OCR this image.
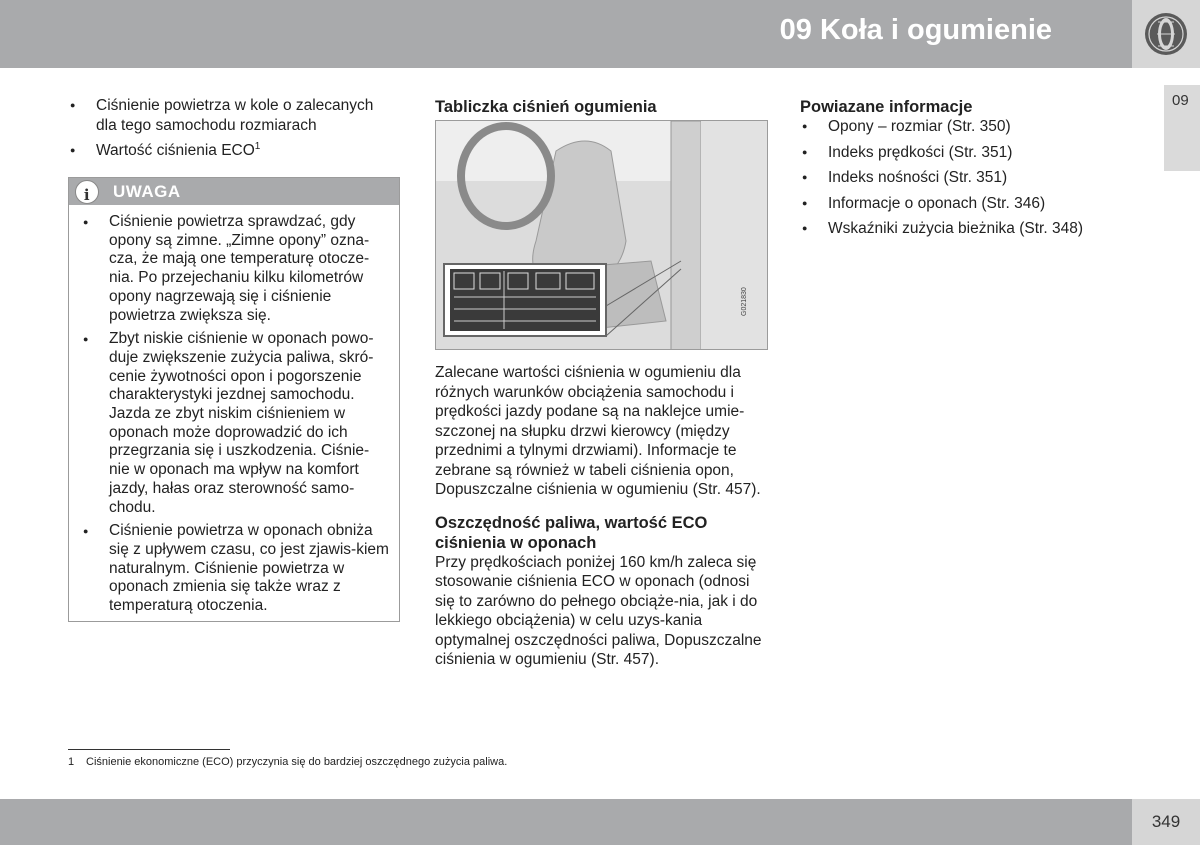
09 Koła i ogumienie
09
● Ciśnienie powietrza w kole o zalecanych dla tego samochodu rozmiarach
● Wartość ciśnienia ECO$^1$
i
UWAGA
● Ciśnienie powietrza sprawdzać, gdy opony są zimne. „Zimne opony” ozna-cza, że mają one temperaturę otocze-nia. Po przejechaniu kilku kilometrów opony nagrzewają się i ciśnienie powietrza zwiększa się.
● Zbyt niskie ciśnienie w oponach powo-duje zwiększenie zużycia paliwa, skró-cenie żywotności opon i pogorszenie charakterystyki jezdnej samochodu. Jazda ze zbyt niskim ciśnieniem w oponach może doprowadzić do ich przegrzania się i uszkodzenia. Ciśnie-nie w oponach ma wpływ na komfort jazdy, hałas oraz sterowność samo-chodu.
● Ciśnienie powietrza w oponach obniża się z upływem czasu, co jest zjawis-kiem naturalnym. Ciśnienie powietrza w oponach zmienia się także wraz z temperaturą otoczenia.
Tabliczka ciśnień ogumienia
G021830

Zalecane wartości ciśnienia w ogumieniu dla różnych warunków obciążenia samochodu i prędkości jazdy podane są na naklejce umie-szczonej na słupku drzwi kierowcy (między przednimi a tylnymi drzwiami). Informacje te zebrane są również w tabeli ciśnienia opon, Dopuszczalne ciśnienia w ogumieniu (Str. 457).

Oszczędność paliwa, wartość ECO ciśnienia w oponach

Przy prędkościach poniżej 160 km/h zaleca się stosowanie ciśnienia ECO w oponach (odnosi się to zarówno do pełnego obciąże-nia, jak i do lekkiego obciążenia) w celu uzys-kania optymalnej oszczędności paliwa, Dopuszczalne ciśnienia w ogumieniu (Str. 457).

Powiazane informacje
● Opony – rozmiar (Str. 350)
● Indeks prędkości (Str. 351)
● Indeks nośności (Str. 351)
● Informacje o oponach (Str. 346)
● Wskaźniki zużycia bieżnika (Str. 348)
1 Ciśnienie ekonomiczne (ECO) przyczynia się do bardziej oszczędnego zużycia paliwa.
349
